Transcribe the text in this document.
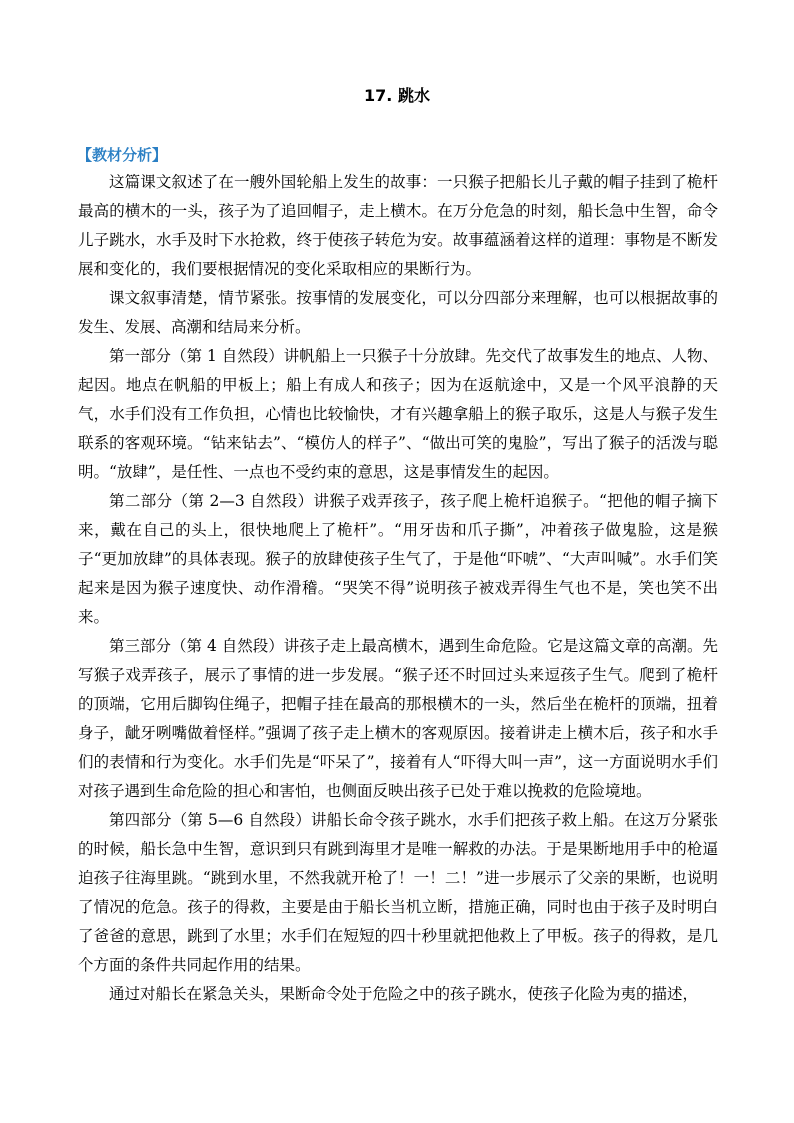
17. 跳水
【教材分析】

这篇课文叙述了在一艘外国轮船上发生的故事：一只猴子把船长儿子戴的帽子挂到了桅杆最高的横木的一头，孩子为了追回帽子，走上横木。在万分危急的时刻，船长急中生智，命令儿子跳水，水手及时下水抢救，终于使孩子转危为安。故事蕴涵着这样的道理：事物是不断发展和变化的，我们要根据情况的变化采取相应的果断行为。

课文叙事清楚，情节紧张。按事情的发展变化，可以分四部分来理解，也可以根据故事的发生、发展、高潮和结局来分析。

第一部分（第 1 自然段）讲帆船上一只猴子十分放肆。先交代了故事发生的地点、人物、起因。地点在帆船的甲板上；船上有成人和孩子；因为在返航途中，又是一个风平浪静的天气，水手们没有工作负担，心情也比较愉快，才有兴趣拿船上的猴子取乐，这是人与猴子发生联系的客观环境。“钻来钻去”、“模仿人的样子”、“做出可笑的鬼脸”，写出了猴子的活泼与聪明。“放肆”，是任性、一点也不受约束的意思，这是事情发生的起因。

第二部分（第 2—3 自然段）讲猴子戏弄孩子，孩子爬上桅杆追猴子。“把他的帽子摘下来，戴在自己的头上，很快地爬上了桅杆”。“用牙齿和爪子撕”，冲着孩子做鬼脸，这是猴子“更加放肆”的具体表现。猴子的放肆使孩子生气了，于是他“吓唬”、“大声叫喊”。水手们笑起来是因为猴子速度快、动作滑稽。“哭笑不得”说明孩子被戏弄得生气也不是，笑也笑不出来。

第三部分（第 4 自然段）讲孩子走上最高横木，遇到生命危险。它是这篇文章的高潮。先写猴子戏弄孩子，展示了事情的进一步发展。“猴子还不时回过头来逗孩子生气。爬到了桅杆的顶端，它用后脚钩住绳子，把帽子挂在最高的那根横木的一头，然后坐在桅杆的顶端，扭着身子，龇牙咧嘴做着怪样。”强调了孩子走上横木的客观原因。接着讲走上横木后，孩子和水手们的表情和行为变化。水手们先是“吓呆了”，接着有人“吓得大叫一声”，这一方面说明水手们对孩子遇到生命危险的担心和害怕，也侧面反映出孩子已处于难以挽救的危险境地。

第四部分（第 5—6 自然段）讲船长命令孩子跳水，水手们把孩子救上船。在这万分紧张的时候，船长急中生智，意识到只有跳到海里才是唯一解救的办法。于是果断地用手中的枪逼迫孩子往海里跳。“跳到水里，不然我就开枪了！一！二！”进一步展示了父亲的果断，也说明了情况的危急。孩子的得救，主要是由于船长当机立断，措施正确，同时也由于孩子及时明白了爸爸的意思，跳到了水里；水手们在短短的四十秒里就把他救上了甲板。孩子的得救，是几个方面的条件共同起作用的结果。

通过对船长在紧急关头，果断命令处于危险之中的孩子跳水，使孩子化险为夷的描述，
